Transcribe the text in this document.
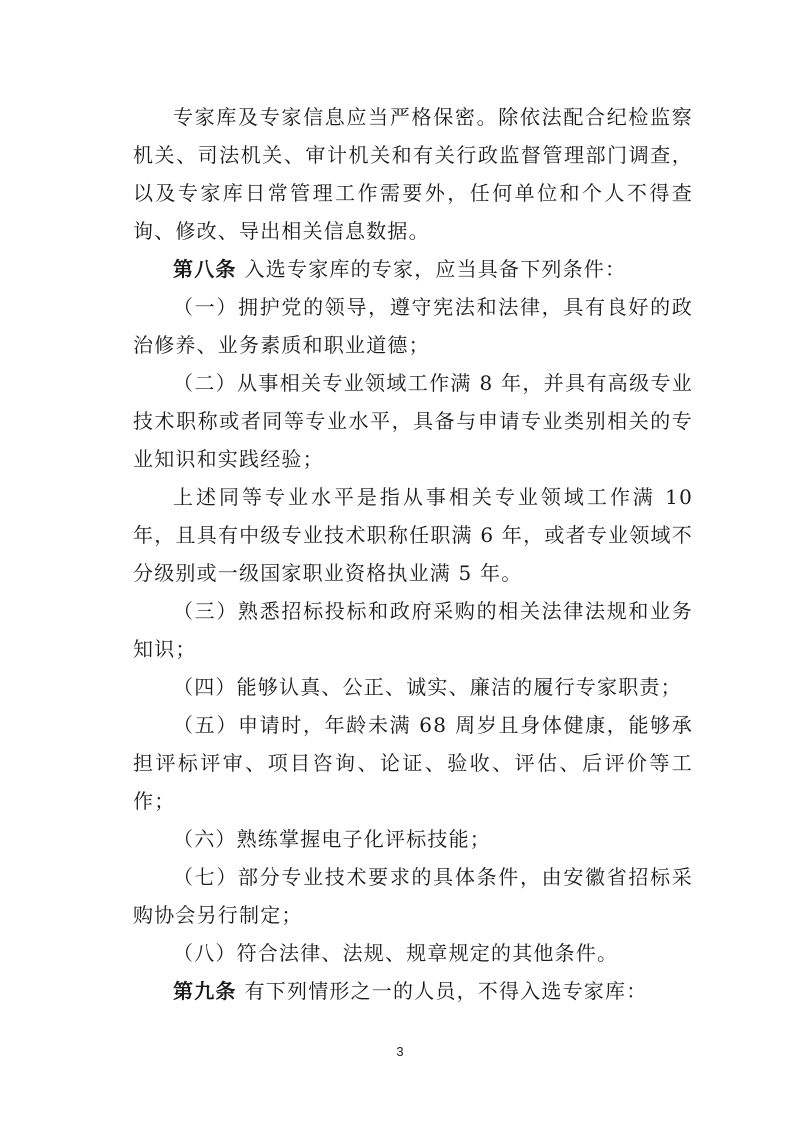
专家库及专家信息应当严格保密。除依法配合纪检监察机关、司法机关、审计机关和有关行政监督管理部门调查，以及专家库日常管理工作需要外，任何单位和个人不得查询、修改、导出相关信息数据。

第八条 入选专家库的专家，应当具备下列条件：

（一）拥护党的领导，遵守宪法和法律，具有良好的政治修养、业务素质和职业道德；

（二）从事相关专业领域工作满 8 年，并具有高级专业技术职称或者同等专业水平，具备与申请专业类别相关的专业知识和实践经验；

上述同等专业水平是指从事相关专业领域工作满 10 年，且具有中级专业技术职称任职满 6 年，或者专业领域不分级别或一级国家职业资格执业满 5 年。

（三）熟悉招标投标和政府采购的相关法律法规和业务知识；

（四）能够认真、公正、诚实、廉洁的履行专家职责；

（五）申请时，年龄未满 68 周岁且身体健康，能够承担评标评审、项目咨询、论证、验收、评估、后评价等工作；

（六）熟练掌握电子化评标技能；

（七）部分专业技术要求的具体条件，由安徽省招标采购协会另行制定；

（八）符合法律、法规、规章规定的其他条件。

第九条 有下列情形之一的人员，不得入选专家库：

3
